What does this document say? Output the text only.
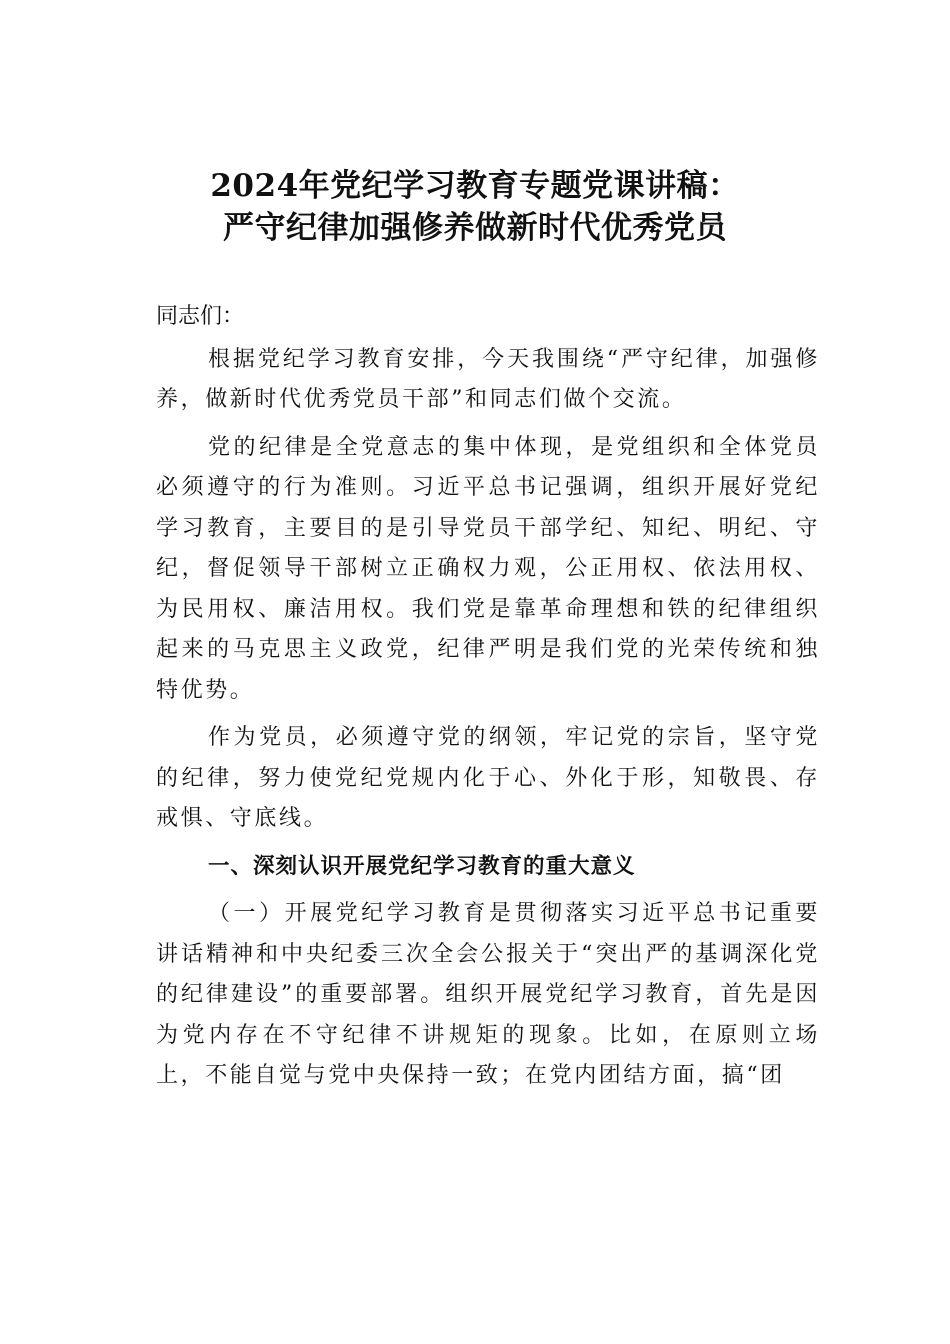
2024年党纪学习教育专题党课讲稿：
严守纪律加强修养做新时代优秀党员

同志们：

根据党纪学习教育安排，今天我围绕“严守纪律，加强修养，做新时代优秀党员干部”和同志们做个交流。

党的纪律是全党意志的集中体现，是党组织和全体党员必须遵守的行为准则。习近平总书记强调，组织开展好党纪学习教育，主要目的是引导党员干部学纪、知纪、明纪、守纪，督促领导干部树立正确权力观，公正用权、依法用权、为民用权、廉洁用权。我们党是靠革命理想和铁的纪律组织起来的马克思主义政党，纪律严明是我们党的光荣传统和独特优势。

作为党员，必须遵守党的纲领，牢记党的宗旨，坚守党的纪律，努力使党纪党规内化于心、外化于形，知敬畏、存戒惧、守底线。

一、深刻认识开展党纪学习教育的重大意义

（一）开展党纪学习教育是贯彻落实习近平总书记重要讲话精神和中央纪委三次全会公报关于“突出严的基调深化党的纪律建设”的重要部署。组织开展党纪学习教育，首先是因为党内存在不守纪律不讲规矩的现象。比如，在原则立场上，不能自觉与党中央保持一致；在党内团结方面，搞“团
